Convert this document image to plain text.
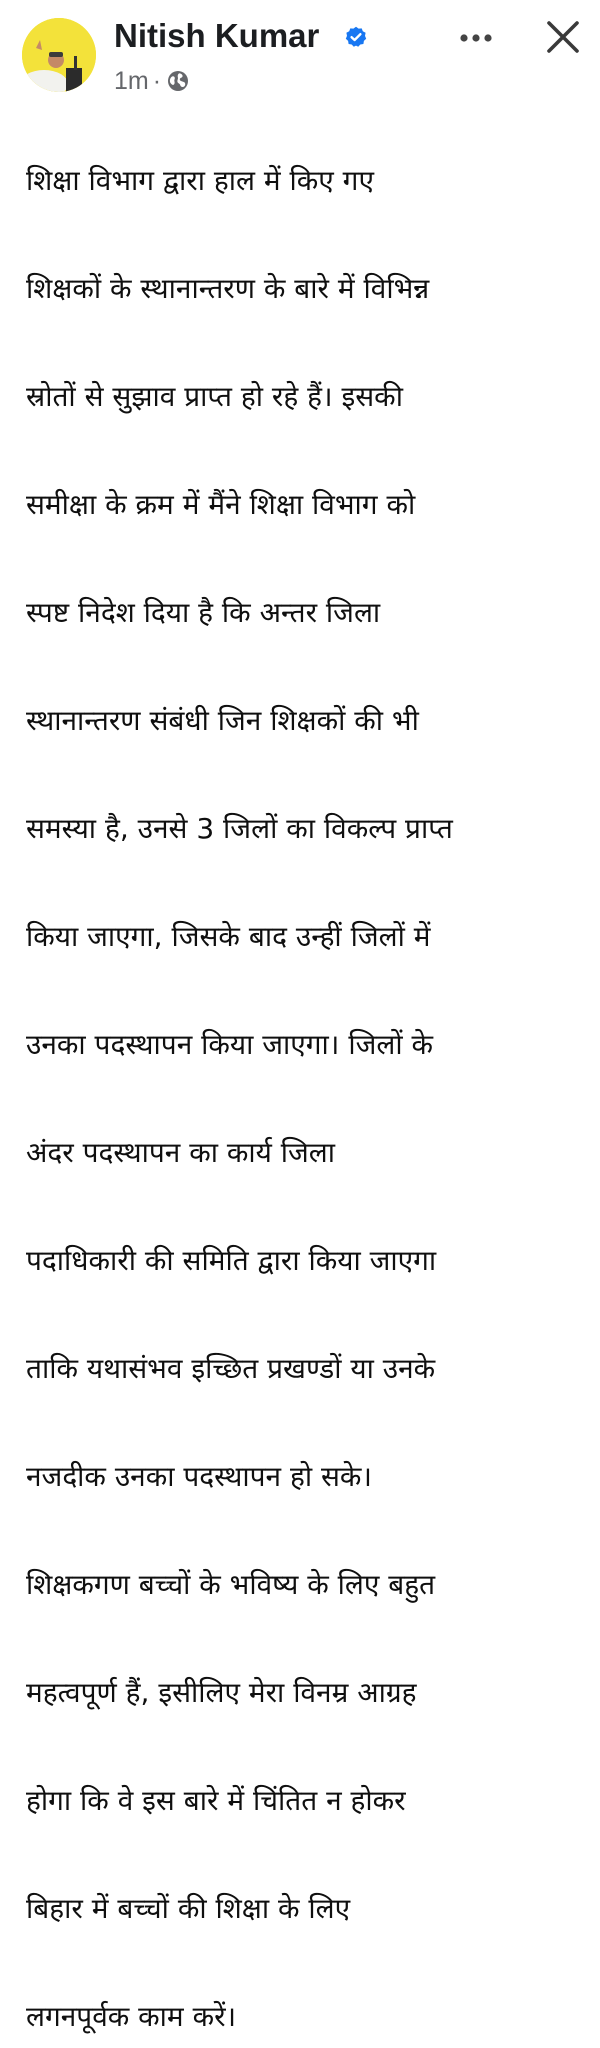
Nitish Kumar
1m ·

शिक्षा विभाग द्वारा हाल में किए गए

शिक्षकों के स्थानान्तरण के बारे में विभिन्न

स्रोतों से सुझाव प्राप्त हो रहे हैं। इसकी

समीक्षा के क्रम में मैंने शिक्षा विभाग को

स्पष्ट निदेश दिया है कि अन्तर जिला

स्थानान्तरण संबंधी जिन शिक्षकों की भी

समस्या है, उनसे 3 जिलों का विकल्प प्राप्त

किया जाएगा, जिसके बाद उन्हीं जिलों में

उनका पदस्थापन किया जाएगा। जिलों के

अंदर पदस्थापन का कार्य जिला

पदाधिकारी की समिति द्वारा किया जाएगा

ताकि यथासंभव इच्छित प्रखण्डों या उनके

नजदीक उनका पदस्थापन हो सके।

शिक्षकगण बच्चों के भविष्य के लिए बहुत

महत्वपूर्ण हैं, इसीलिए मेरा विनम्र आग्रह

होगा कि वे इस बारे में चिंतित न होकर

बिहार में बच्चों की शिक्षा के लिए

लगनपूर्वक काम करें।
